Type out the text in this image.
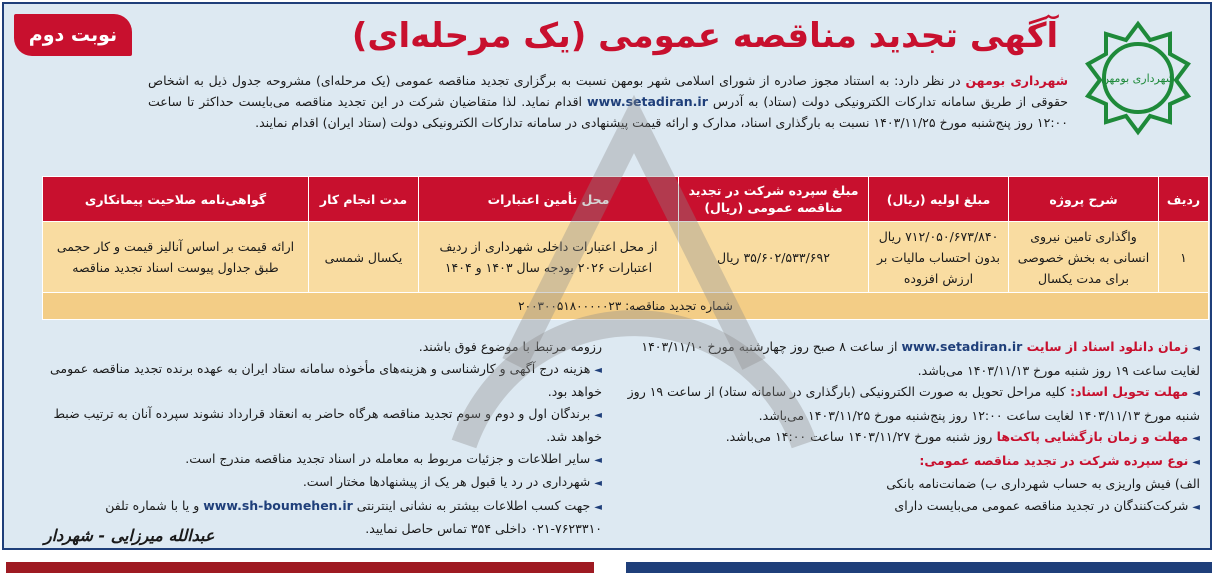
نوبت دوم
شهرداری بومهن
آگهی تجدید مناقصه عمومی (یک مرحله‌ای)
شهرداری بومهن در نظر دارد: به استناد مجوز صادره از شورای اسلامی شهر بومهن نسبت به برگزاری تجدید مناقصه عمومی (یک مرحله‌ای) مشروحه جدول ذیل به اشخاص حقوقی از طریق سامانه تدارکات الکترونیکی دولت (ستاد) به آدرس www.setadiran.ir اقدام نماید. لذا متقاضیان شرکت در این تجدید مناقصه می‌بایست حداکثر تا ساعت ۱۲:۰۰ روز پنج‌شنبه مورخ ۱۴۰۳/۱۱/۲۵ نسبت به بارگذاری اسناد، مدارک و ارائه قیمت پیشنهادی در سامانه تدارکات الکترونیکی دولت (ستاد ایران) اقدام نمایند.
ردیف	شرح پروژه	مبلغ اولیه (ریال)	مبلغ سپرده شرکت در تجدید مناقصه عمومی (ریال)	محل تأمین اعتبارات	مدت انجام کار	گواهی‌نامه صلاحیت پیمانکاری
۱	واگذاری تامین نیروی انسانی به بخش خصوصی برای مدت یکسال	۷۱۲/۰۵۰/۶۷۳/۸۴۰ ریال بدون احتساب مالیات بر ارزش افزوده	۳۵/۶۰۲/۵۳۳/۶۹۲ ریال	از محل اعتبارات داخلی شهرداری از ردیف اعتبارات ۲۰۲۶ بودجه سال ۱۴۰۳ و ۱۴۰۴	یکسال شمسی	ارائه قیمت بر اساس آنالیز قیمت و کار حجمی طبق جداول پیوست اسناد تجدید مناقصه
شماره تجدید مناقصه: ۲۰۰۳۰۰۵۱۸۰۰۰۰۰۲۳						

◄زمان دانلود اسناد از سایت www.setadiran.ir از ساعت ۸ صبح روز چهارشنبه مورخ ۱۴۰۳/۱۱/۱۰ لغایت ساعت ۱۹ روز شنبه مورخ ۱۴۰۳/۱۱/۱۳ می‌باشد.

◄مهلت تحویل اسناد: کلیه مراحل تحویل به صورت الکترونیکی (بارگذاری در سامانه ستاد) از ساعت ۱۹ روز شنبه مورخ ۱۴۰۳/۱۱/۱۳ لغایت ساعت ۱۲:۰۰ روز پنج‌شنبه مورخ ۱۴۰۳/۱۱/۲۵ می‌باشد.

◄مهلت و زمان بازگشایی پاکت‌ها روز شنبه مورخ ۱۴۰۳/۱۱/۲۷ ساعت ۱۴:۰۰ می‌باشد.

◄نوع سپرده شرکت در تجدید مناقصه عمومی:

الف) فیش واریزی به حساب شهرداری ب) ضمانت‌نامه بانکی

◄شرکت‌کنندگان در تجدید مناقصه عمومی می‌بایست دارای

رزومه مرتبط با موضوع فوق باشند.

◄هزینه درج آگهی و کارشناسی و هزینه‌های مأخوذه سامانه ستاد ایران به عهده برنده تجدید مناقصه عمومی خواهد بود.

◄برندگان اول و دوم و سوم تجدید مناقصه هرگاه حاضر به انعقاد قرارداد نشوند سپرده آنان به ترتیب ضبط خواهد شد.

◄سایر اطلاعات و جزئیات مربوط به معامله در اسناد تجدید مناقصه مندرج است.

◄شهرداری در رد یا قبول هر یک از پیشنهادها مختار است.

◄جهت کسب اطلاعات بیشتر به نشانی اینترنتی www.sh-boumehen.ir و یا با شماره تلفن ۷۶۲۳۳۱۰-۰۲۱ داخلی ۳۵۴ تماس حاصل نمایید.

عبدالله میرزایی - شهردار
